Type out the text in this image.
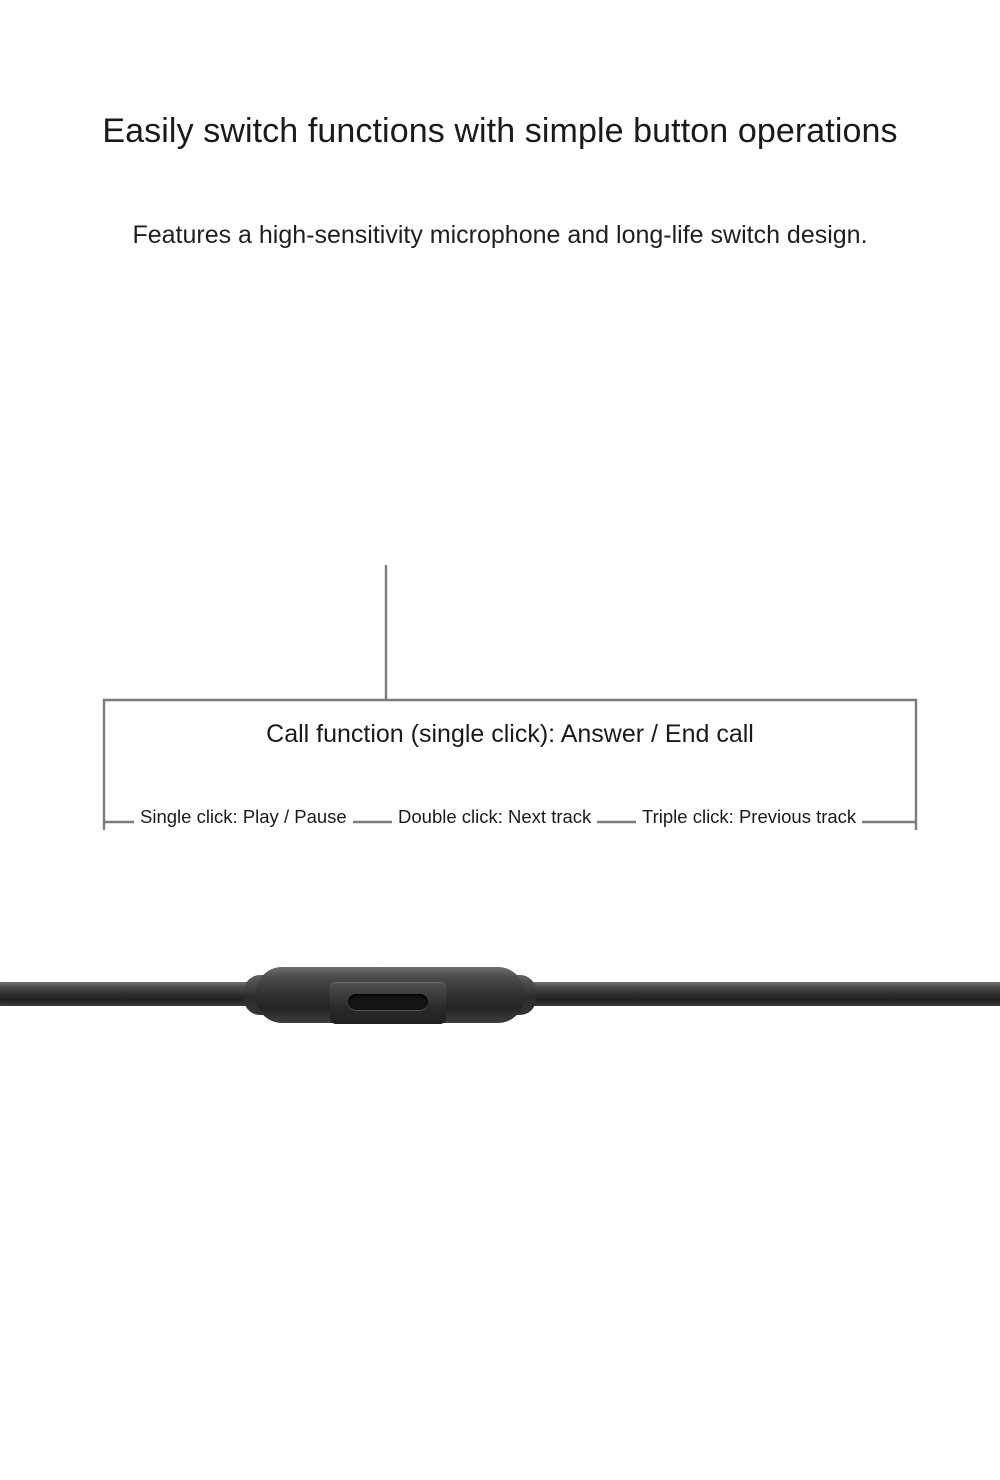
Easily switch functions with simple button operations
Features a high-sensitivity microphone and long-life switch design.
Call function (single click): Answer / End call
Single click: Play / Pause	Double click: Next track	Triple click: Previous track
